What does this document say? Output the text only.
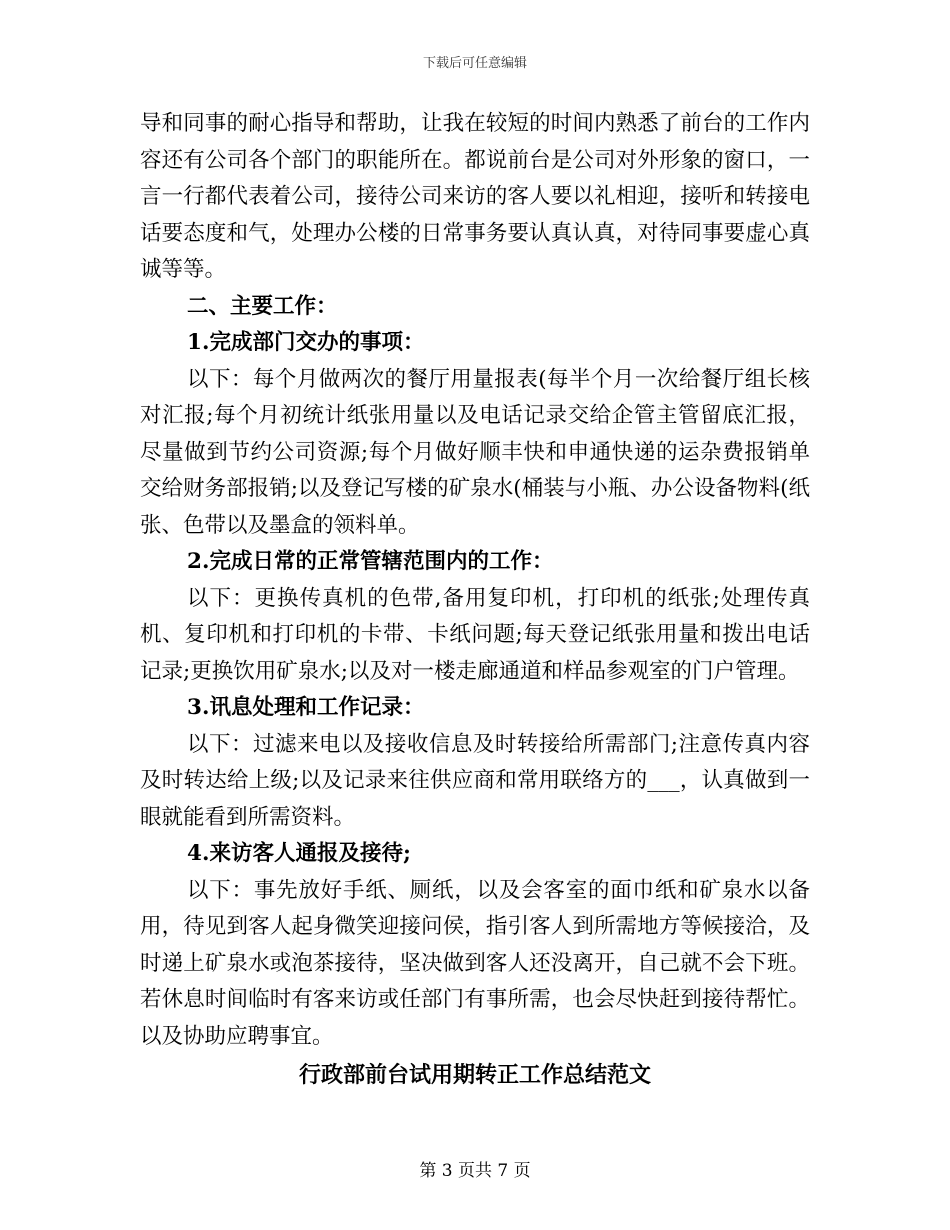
下载后可任意编辑

导和同事的耐心指导和帮助，让我在较短的时间内熟悉了前台的工作内容还有公司各个部门的职能所在。都说前台是公司对外形象的窗口，一言一行都代表着公司，接待公司来访的客人要以礼相迎，接听和转接电话要态度和气，处理办公楼的日常事务要认真认真，对待同事要虚心真诚等等。

二、主要工作：

1.完成部门交办的事项：

以下：每个月做两次的餐厅用量报表(每半个月一次给餐厅组长核对汇报;每个月初统计纸张用量以及电话记录交给企管主管留底汇报，尽量做到节约公司资源;每个月做好顺丰快和申通快递的运杂费报销单交给财务部报销;以及登记写楼的矿泉水(桶装与小瓶、办公设备物料(纸张、色带以及墨盒的领料单。

2.完成日常的正常管辖范围内的工作：

以下：更换传真机的色带,备用复印机，打印机的纸张;处理传真机、复印机和打印机的卡带、卡纸问题;每天登记纸张用量和拨出电话记录;更换饮用矿泉水;以及对一楼走廊通道和样品参观室的门户管理。

3.讯息处理和工作记录：

以下：过滤来电以及接收信息及时转接给所需部门;注意传真内容及时转达给上级;以及记录来往供应商和常用联络方的___，认真做到一眼就能看到所需资料。

4.来访客人通报及接待;

以下：事先放好手纸、厕纸，以及会客室的面巾纸和矿泉水以备用，待见到客人起身微笑迎接问侯，指引客人到所需地方等候接洽，及时递上矿泉水或泡茶接待，坚决做到客人还没离开，自己就不会下班。若休息时间临时有客来访或任部门有事所需，也会尽快赶到接待帮忙。以及协助应聘事宜。

行政部前台试用期转正工作总结范文

第 3 页共 7 页
